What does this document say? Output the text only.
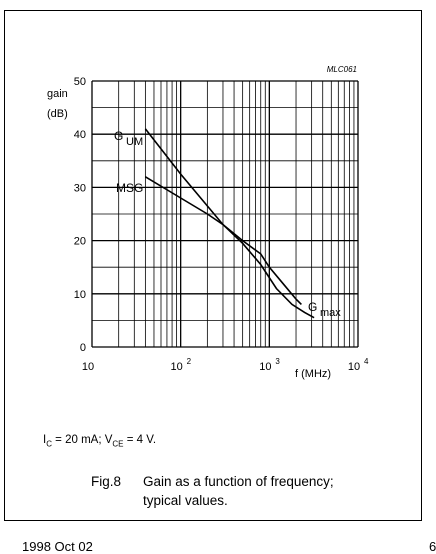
MLC061
gain
(dB)
f (MHz)
0
10
20
30
40
50
10	10 2	10 3	10 4
G UM
MSG
G max
$I_C = 20$ mA; $V_{CE} = 4$ V.
Fig.8 Gain as a function of frequency;
typical values.
1998 Oct 02	6
